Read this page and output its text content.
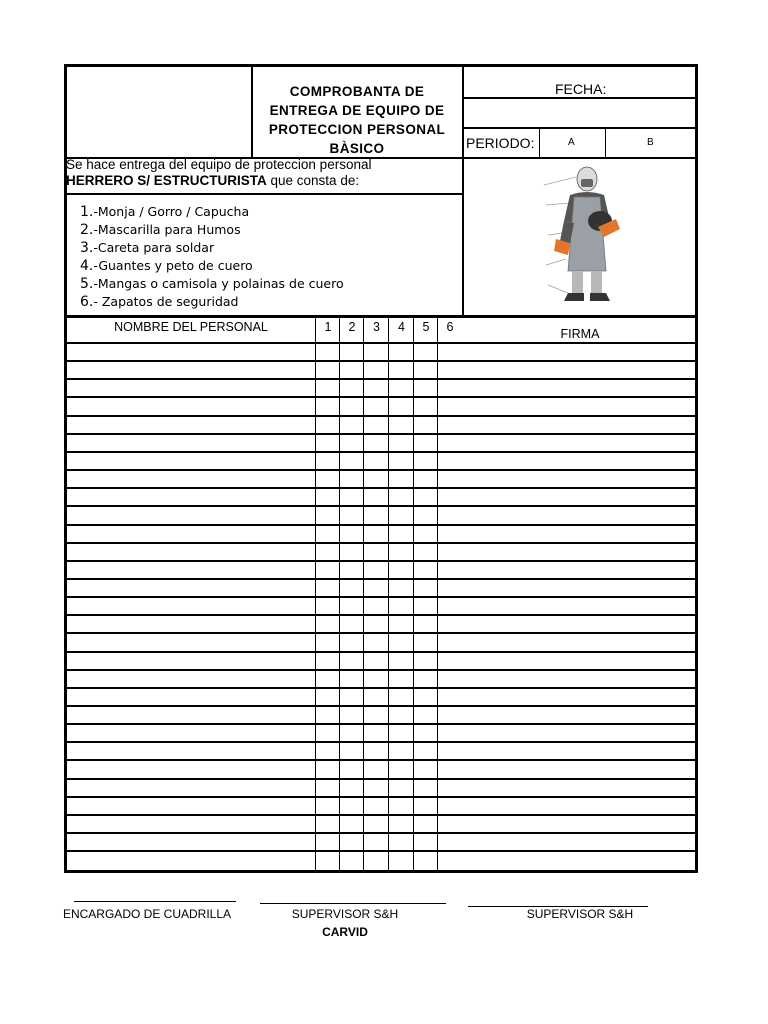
COMPROBANTA DE
ENTREGA DE EQUIPO DE
PROTECCION PERSONAL
BÀSICO
FECHA:
PERIODO:	A	B
Se hace entrega del equipo de proteccion personal
HERRERO S/ ESTRUCTURISTA que consta de:
1.-Monja / Gorro / Capucha
2.-Mascarilla para Humos
3.-Careta para soldar
4.-Guantes y peto de cuero
5.-Mangas o camisola y polainas de cuero
6.- Zapatos de seguridad
NOMBRE DEL PERSONAL	1	2	3	4	5	6	FIRMA
ENCARGADO DE CUADRILLA	SUPERVISOR S&H
CARVID
SUPERVISOR S&H
